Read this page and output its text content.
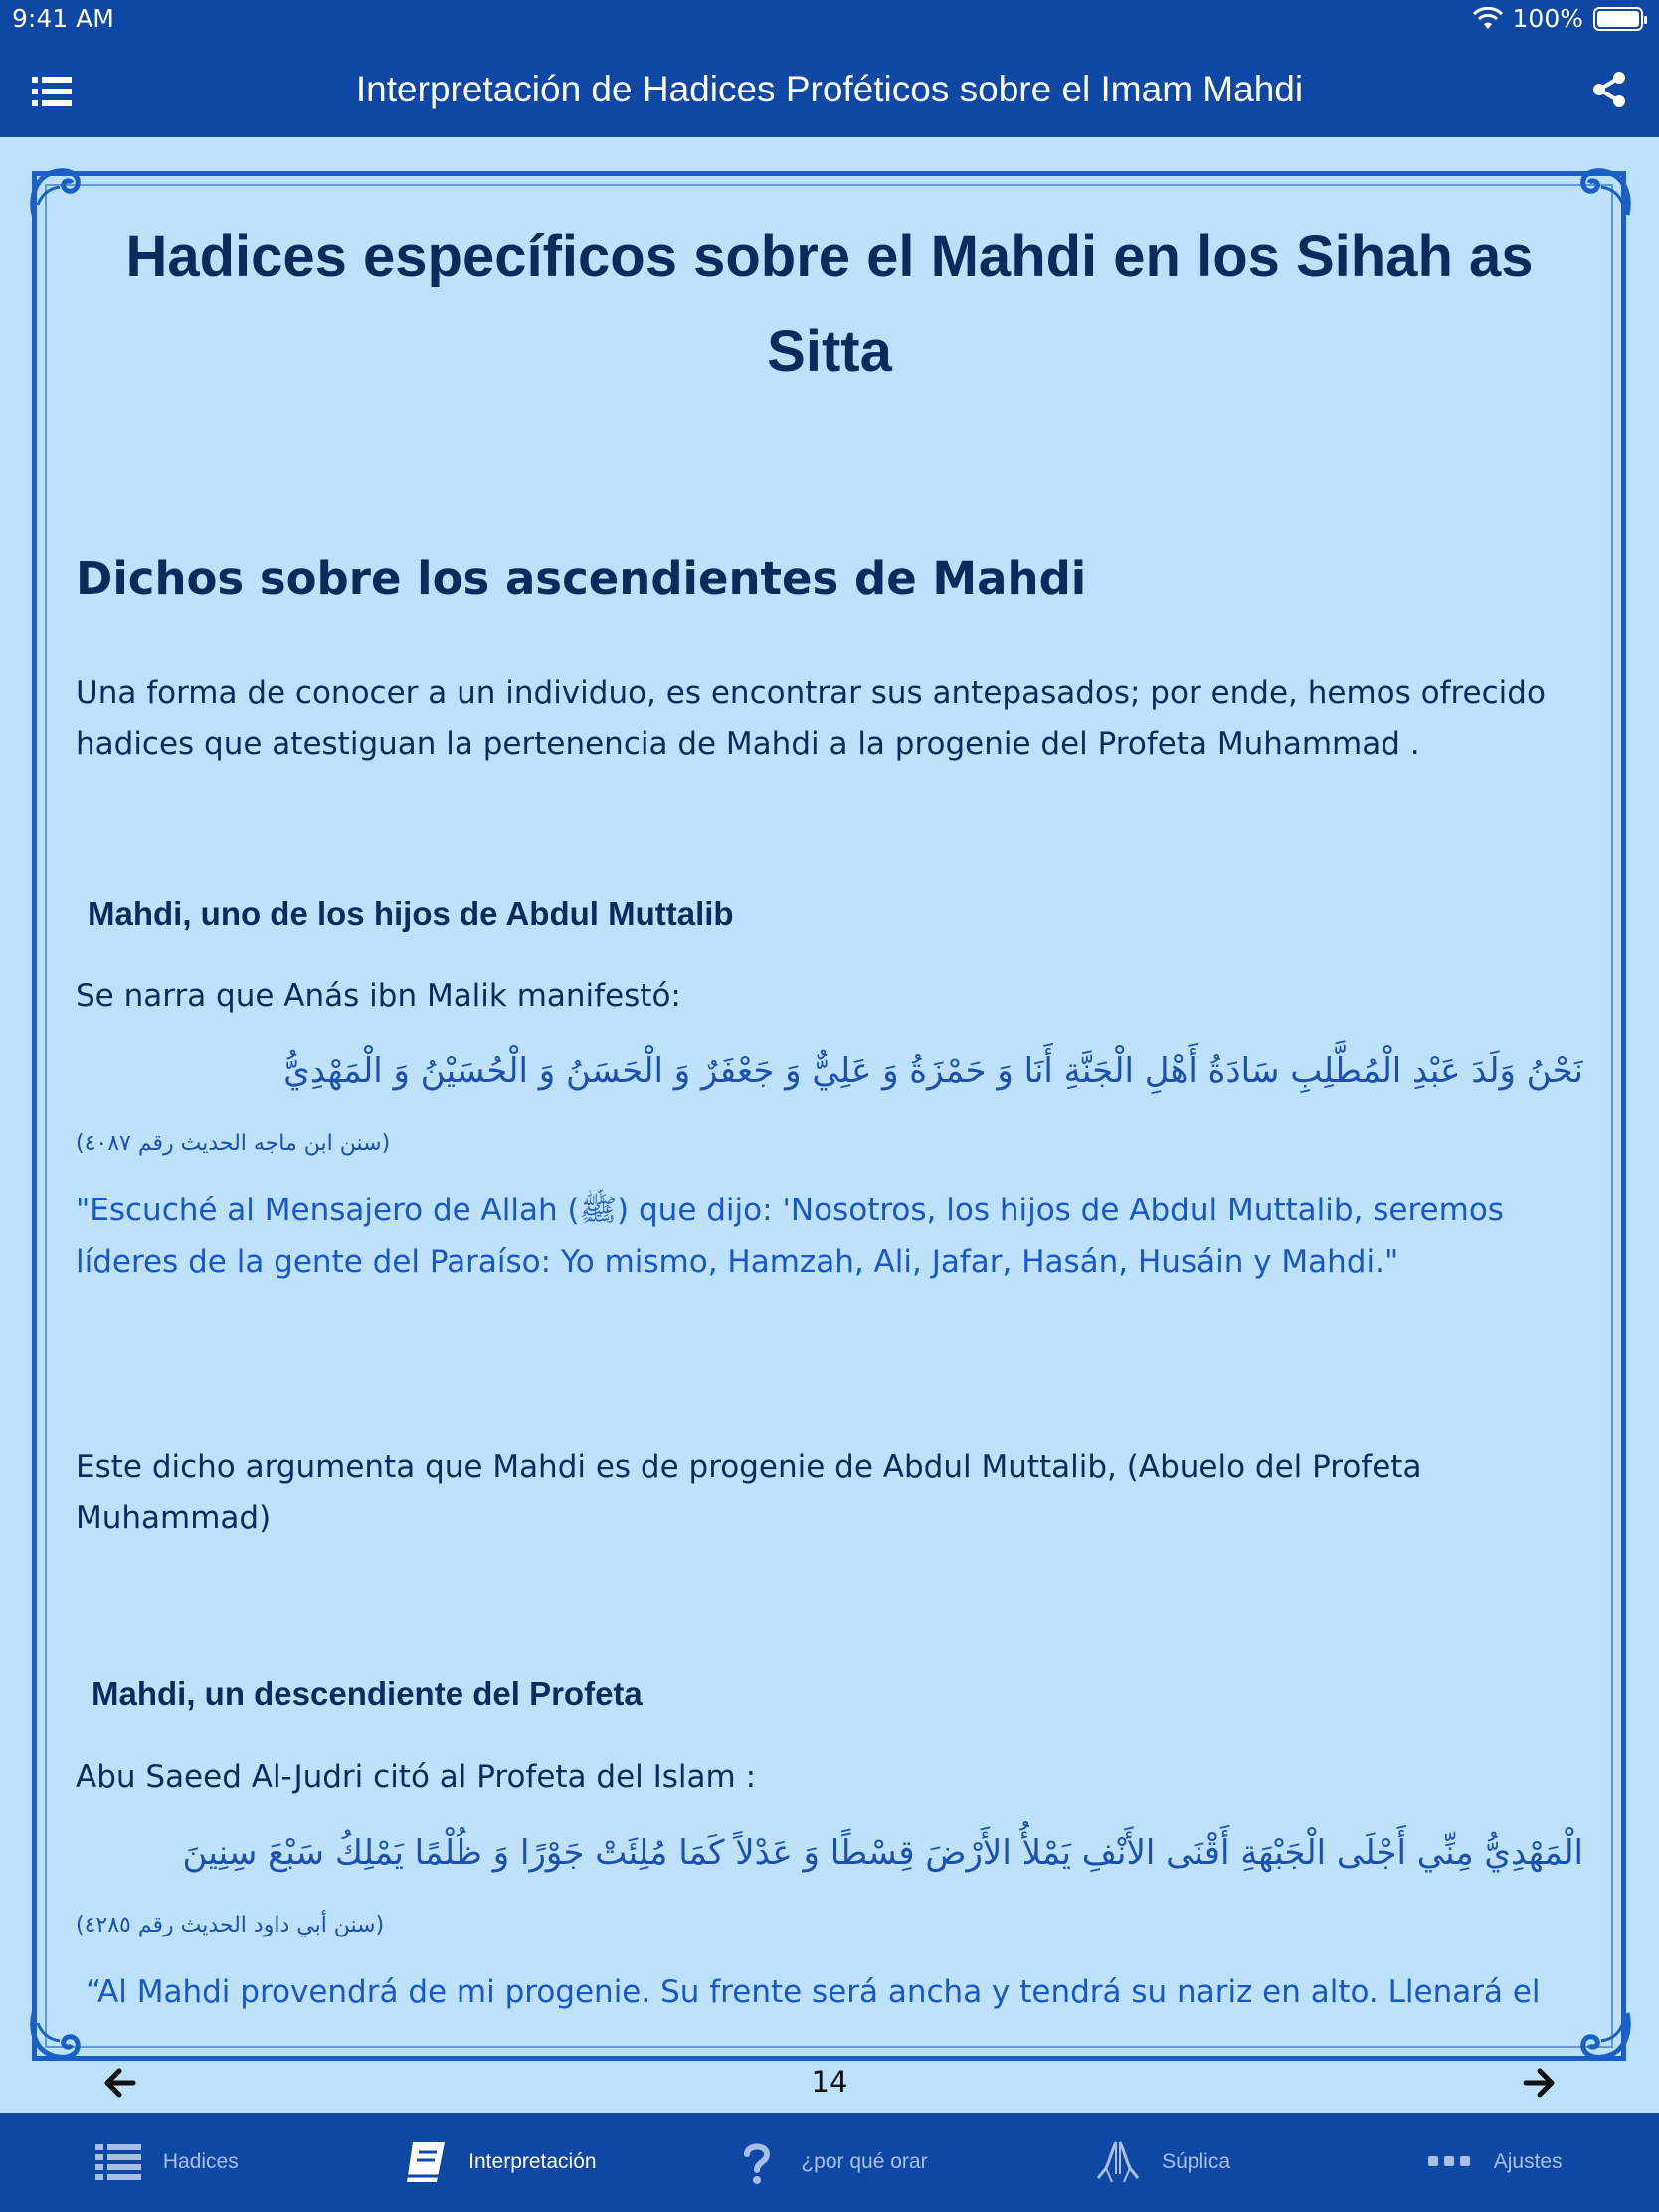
9:41 AM	100%
Interpretación de Hadices Proféticos sobre el Imam Mahdi
Hadices específicos sobre el Mahdi en los Sihah as Sitta
Dichos sobre los ascendientes de Mahdi

Una forma de conocer a un individuo, es encontrar sus antepasados; por ende, hemos ofrecido hadices que atestiguan la pertenencia de Mahdi a la progenie del Profeta Muhammad .

Mahdi, uno de los hijos de Abdul Muttalib

Se narra que Anás ibn Malik manifestó:

نَحْنُ وَلَدَ عَبْدِ الْمُطَّلِبِ سَادَةُ أَهْلِ الْجَنَّةِ أَنَا وَ حَمْزَةُ وَ عَلِيٌّ وَ جَعْفَرٌ وَ الْحَسَنُ وَ الْحُسَيْنُ وَ الْمَهْدِيُّ

(سنن ابن ماجه الحديث رقم ٤٠٨٧)

"Escuché al Mensajero de Allah (ﷺ) que dijo: 'Nosotros, los hijos de Abdul Muttalib, seremos líderes de la gente del Paraíso: Yo mismo, Hamzah, Ali, Jafar, Hasán, Husáin y Mahdi."

Este dicho argumenta que Mahdi es de progenie de Abdul Muttalib, (Abuelo del Profeta Muhammad)

Mahdi, un descendiente del Profeta

Abu Saeed Al-Judri citó al Profeta del Islam :

الْمَهْدِيُّ مِنِّي أَجْلَى الْجَبْهَةِ أَقْنَى الأَنْفِ يَمْلأُ الأَرْضَ قِسْطًا وَ عَدْلاً كَمَا مُلِئَتْ جَوْرًا وَ ظُلْمًا يَمْلِكُ سَبْعَ سِنِينَ

(سنن أبي داود الحديث رقم ٤٢٨٥)

“Al Mahdi provendrá de mi progenie. Su frente será ancha y tendrá su nariz en alto. Llenará el

14
Hadices	Interpretación	¿por qué orar	Súplica	Ajustes
